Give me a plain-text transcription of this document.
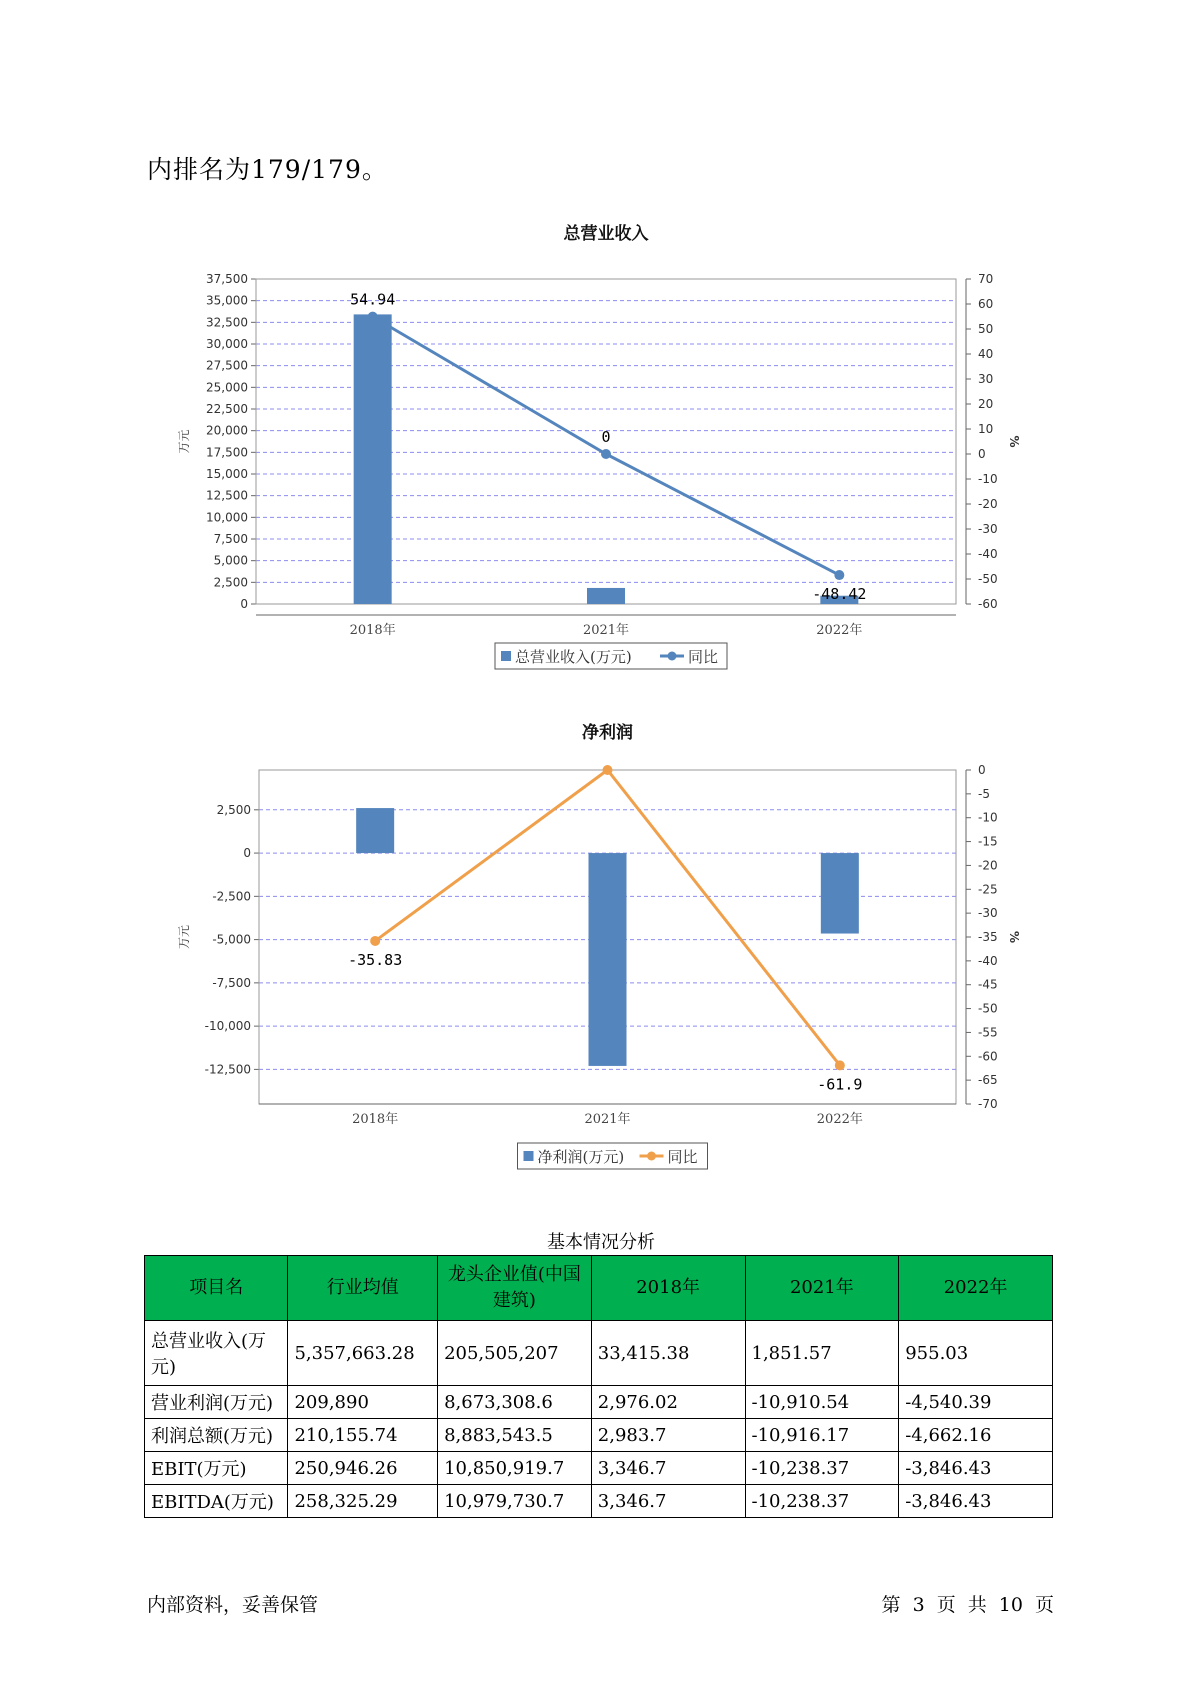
内排名为179/179。
总营业收入
0
2,500
5,000
7,500
10,000
12,500
15,000
17,500
20,000
22,500
25,000
27,500
30,000
32,500
35,000
37,500	70
60
50
40
30
20
10
0
-10
-20
-30
-40
-50
-60
万元	%
2018年	2021年	2022年
54.94
0
-48.42
总营业收入(万元)	同比
净利润
2,500
0
-2,500
-5,000
-7,500
-10,000
-12,500
0
-5
-10
-15
-20
-25
-30
-35
-40
-45
-50
-55
-60
-65
-70
万元	%
2018年	2021年	2022年
-35.83
-61.9
净利润(万元)	同比
基本情况分析
项目名	行业均值	龙头企业值(中国建筑)	2018年	2021年	2022年
总营业收入(万元)	5,357,663.28	205,505,207	33,415.38	1,851.57	955.03
营业利润(万元)	209,890	8,673,308.6	2,976.02	-10,910.54	-4,540.39
利润总额(万元)	210,155.74	8,883,543.5	2,983.7	-10,916.17	-4,662.16
EBIT(万元)	250,946.26	10,850,919.7	3,346.7	-10,238.37	-3,846.43
EBITDA(万元)	258,325.29	10,979,730.7	3,346.7	-10,238.37	-3,846.43
内部资料，妥善保管	第 3 页 共 10 页
